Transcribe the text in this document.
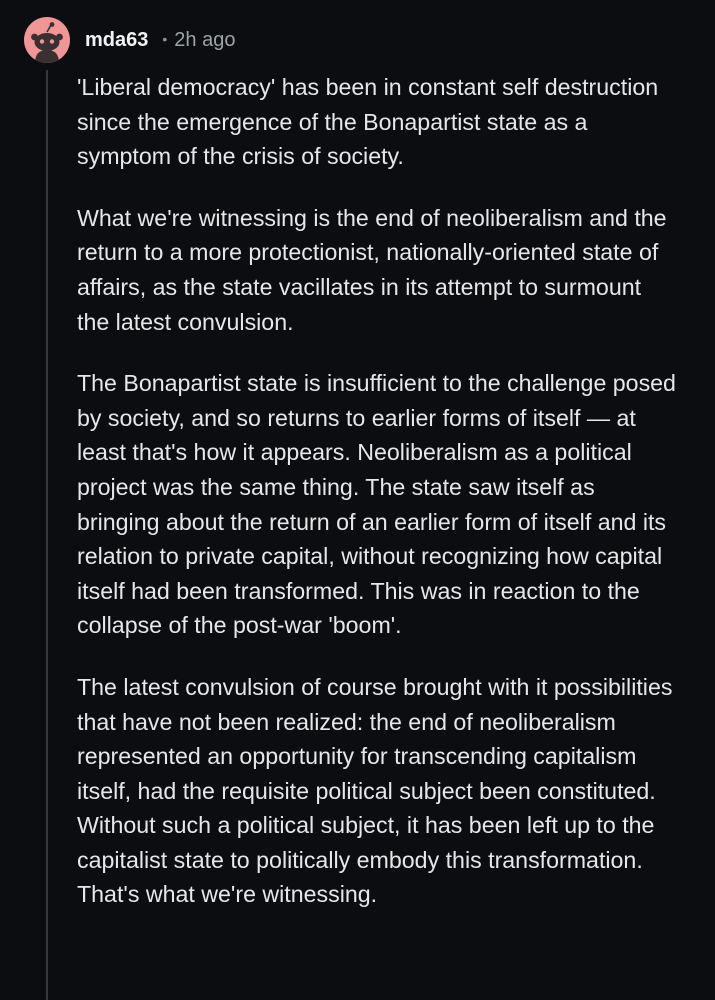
mda63 • 2h ago

'Liberal democracy' has been in constant self destruction since the emergence of the Bonapartist state as a symptom of the crisis of society.

What we're witnessing is the end of neoliberalism and the return to a more protectionist, nationally-oriented state of affairs, as the state vacillates in its attempt to surmount the latest convulsion.

The Bonapartist state is insufficient to the challenge posed by society, and so returns to earlier forms of itself — at least that's how it appears. Neoliberalism as a political project was the same thing. The state saw itself as bringing about the return of an earlier form of itself and its relation to private capital, without recognizing how capital itself had been transformed. This was in reaction to the collapse of the post-war 'boom'.

The latest convulsion of course brought with it possibilities that have not been realized: the end of neoliberalism represented an opportunity for transcending capitalism itself, had the requisite political subject been constituted. Without such a political subject, it has been left up to the capitalist state to politically embody this transformation. That's what we're witnessing.
